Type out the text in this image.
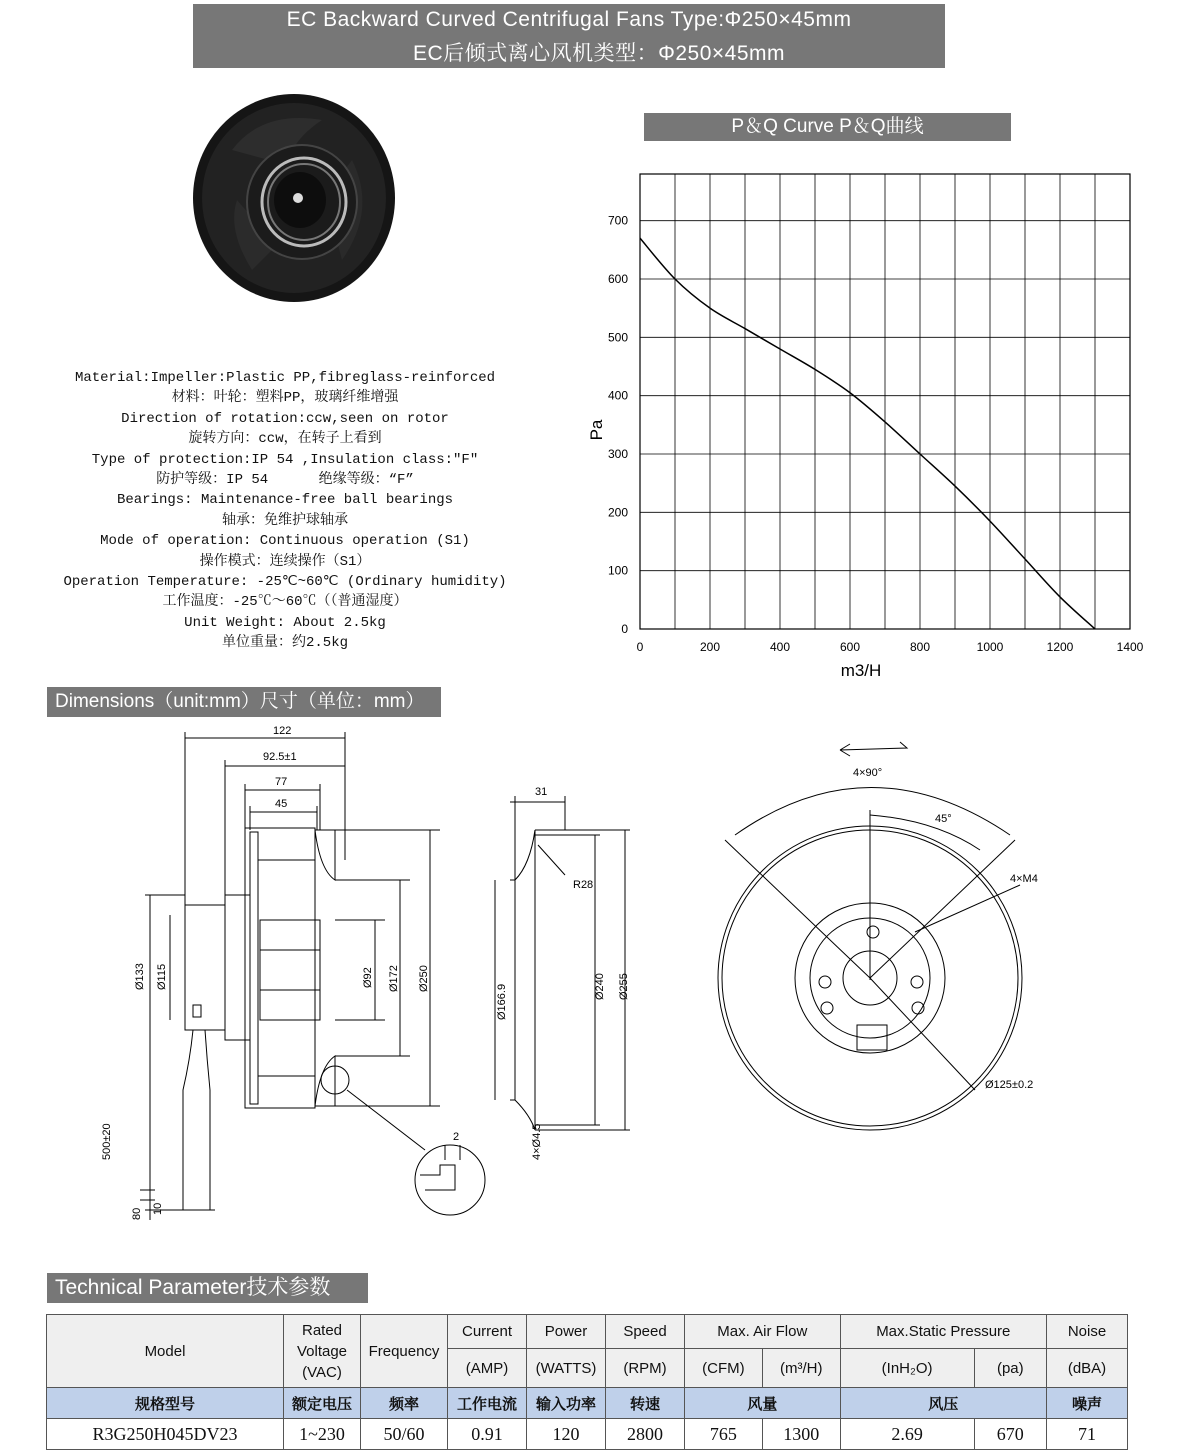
EC Backward Curved Centrifugal Fans Type:Φ250×45mm
EC后倾式离心风机类型：Φ250×45mm
Material:Impeller:Plastic PP,fibreglass-reinforced
材料：叶轮：塑料PP，玻璃纤维增强
Direction of rotation:ccw,seen on rotor
旋转方向：ccw，在转子上看到
Type of protection:IP 54 ,Insulation class:"F"
防护等级：IP 54      绝缘等级：“F”
Bearings: Maintenance-free ball bearings
轴承：免维护球轴承
Mode of operation: Continuous operation (S1)
操作模式：连续操作（S1）
Operation Temperature: -25℃~60℃ (Ordinary humidity)
工作温度：-25℃～60℃（（普通湿度）
Unit Weight: About 2.5kg
单位重量：约2.5kg
P＆Q Curve P＆Q曲线
0	200	400	600	800	1000	1200	1400
0
100
200
300
400
500
600
700
m3/H
Pa
Dimensions（unit:mm）尺寸（单位：mm）
122
92.5±1
77
45
Ø133 Ø115	Ø92 Ø172 Ø250
500±20
80 10
2
31
R28
Ø166.9	Ø240 Ø255
4×Ø4.5
4×90°
45°
4×M4
Ø125±0.2
Technical Parameter技术参数
Model	Rated Voltage (VAC)	Frequency	Current	Power	Speed	Max. Air Flow		Max.Static Pressure		Noise
			(AMP)	(WATTS)	(RPM)	(CFM)	(m³/H)	(InH₂O)	(pa)	(dBA)
规格型号	额定电压	频率	工作电流	输入功率	转速	风量		风压		噪声
R3G250H045DV23	1~230	50/60	0.91	120	2800	765	1300	2.69	670	71
